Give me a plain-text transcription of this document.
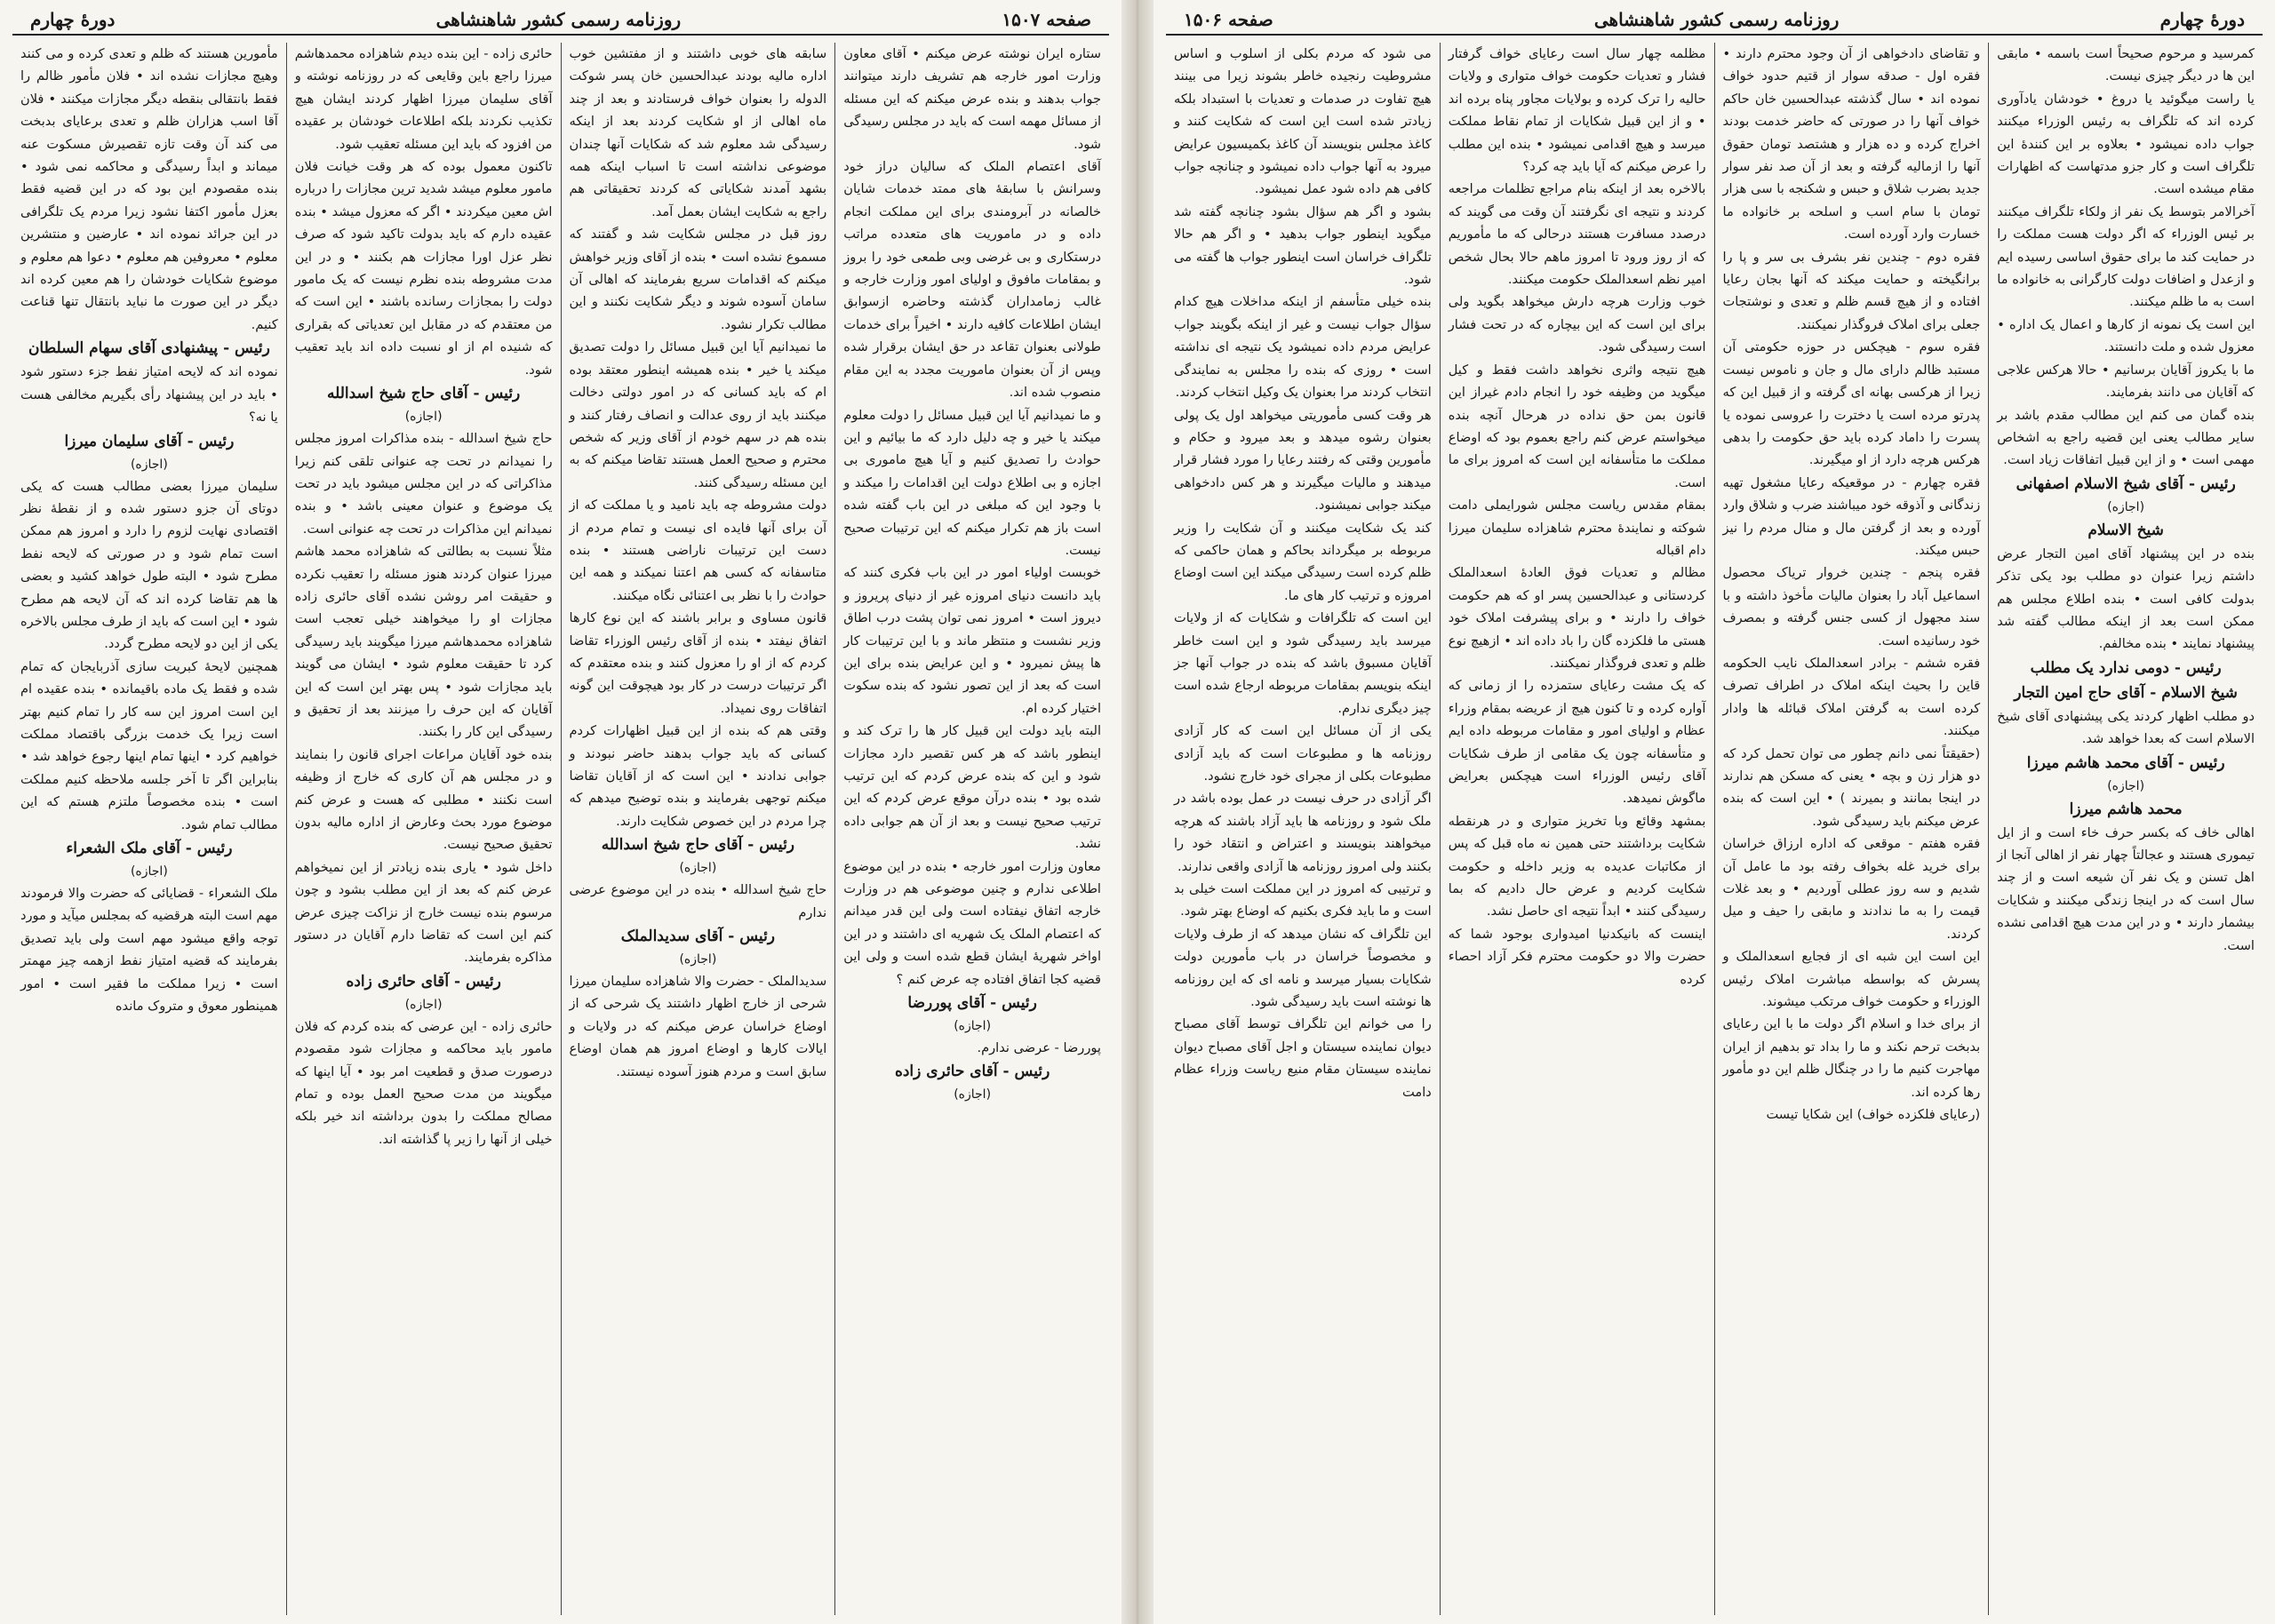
صفحه ۱۵۰۷
روزنامه رسمی کشور شاهنشاهی
دورهٔ چهارم

ستاره ایران نوشته عرض میکنم • آقای معاون وزارت امور خارجه هم تشریف دارند میتوانند جواب بدهند و بنده عرض میکنم که این مسئله از مسائل مهمه است که باید در مجلس رسیدگی شود.

آقای اعتصام الملک که سالیان دراز خود وسرانش با سابقهٔ های ممتد خدمات شایان خالصانه در آبرومندی برای این مملکت انجام داده و در ماموریت های متعدده مراتب درستکاری و بی غرضی وبی طمعی خود را بروز و بمقامات مافوق و اولیای امور وزارت خارجه و غالب زمامداران گذشته وحاضره ازسوابق ایشان اطلاعات کافیه دارند • اخیراً برای خدمات طولانی بعنوان تقاعد در حق ایشان برقرار شده وپس از آن بعنوان ماموریت مجدد به این مقام منصوب شده اند.

و ما نمیدانیم آیا این قبیل مسائل را دولت معلوم میکند یا خیر و چه دلیل دارد که ما بیائیم و این حوادث را تصدیق کنیم و آیا هیچ ماموری بی اجازه و بی اطلاع دولت این اقدامات را میکند و با وجود این که مبلغی در این باب گفته شده است باز هم تکرار میکنم که این ترتیبات صحیح نیست.

خوبست اولیاء امور در این باب فکری کنند که باید دانست دنیای امروزه غیر از دنیای پریروز و دیروز است • امروز نمی توان پشت درب اطاق وزیر نشست و منتظر ماند و با این ترتیبات کار ها پیش نمیرود • و این عرایض بنده برای این است که بعد از این تصور نشود که بنده سکوت اختیار کرده ام.

البته باید دولت این قبیل کار ها را ترک کند و اینطور باشد که هر کس تقصیر دارد مجازات شود و این که بنده عرض کردم که این ترتیب شده بود • بنده درآن موقع عرض کردم که این ترتیب صحیح نیست و بعد از آن هم جوابی داده نشد.

معاون وزارت امور خارجه • بنده در این موضوع اطلاعی ندارم و چنین موضوعی هم در وزارت خارجه اتفاق نیفتاده است ولی این قدر میدانم که اعتصام الملک یک شهریه ای داشتند و در این اواخر شهریهٔ ایشان قطع شده است و ولی این قضیه کجا اتفاق افتاده چه عرض کنم ؟

رئیس - آقای پوررضا

(اجازه)

پوررضا - عرضی ندارم.

رئیس - آقای حائری زاده

(اجازه)

سابقه های خوبی داشتند و از مفتشین خوب اداره مالیه بودند عبدالحسین خان پسر شوکت الدوله را بعنوان خواف فرستادند و بعد از چند ماه اهالی از او شکایت کردند بعد از اینکه رسیدگی شد معلوم شد که شکایات آنها چندان موضوعی نداشته است تا اسباب اینکه همه بشهد آمدند شکایاتی که کردند تحقیقاتی هم راجع به شکایت ایشان بعمل آمد.

روز قبل در مجلس شکایت شد و گفتند که مسموع نشده است • بنده از آقای وزیر خواهش میکنم که اقدامات سریع بفرمایند که اهالی آن سامان آسوده شوند و دیگر شکایت نکنند و این مطالب تکرار نشود.

ما نمیدانیم آیا این قبیل مسائل را دولت تصدیق میکند یا خیر • بنده همیشه اینطور معتقد بوده ام که باید کسانی که در امور دولتی دخالت میکنند باید از روی عدالت و انصاف رفتار کنند و بنده هم در سهم خودم از آقای وزیر که شخص محترم و صحیح العمل هستند تقاضا میکنم که به این مسئله رسیدگی کنند.

دولت مشروطه چه باید نامید و یا مملکت که از آن برای آنها فایده ای نیست و تمام مردم از دست این ترتیبات ناراضی هستند • بنده متاسفانه که کسی هم اعتنا نمیکند و همه این حوادث را با نظر بی اعتنائی نگاه میکنند.

قانون مساوی و برابر باشند که این نوع کارها اتفاق نیفتد • بنده از آقای رئیس الوزراء تقاضا کردم که از او را معزول کنند و بنده معتقدم که اگر ترتیبات درست در کار بود هیچوقت این گونه اتفاقات روی نمیداد.

وقتی هم که بنده از این قبیل اظهارات کردم کسانی که باید جواب بدهند حاضر نبودند و جوابی ندادند • این است که از آقایان تقاضا میکنم توجهی بفرمایند و بنده توضیح میدهم که چرا مردم در این خصوص شکایت دارند.

رئیس - آقای حاج شیخ اسدالله

(اجازه)

حاج شیخ اسدالله • بنده در این موضوع عرضی ندارم

رئیس - آقای سدیدالملک

(اجازه)

سدیدالملک - حضرت والا شاهزاده سلیمان میرزا شرحی از خارج اظهار داشتند یک شرحی که از اوضاع خراسان عرض میکنم که در ولایات و ایالات کارها و اوضاع امروز هم همان اوضاع سابق است و مردم هنوز آسوده نیستند.

حائری زاده - این بنده دیدم شاهزاده محمدهاشم میرزا راجع باین وقایعی که در روزنامه نوشته و آقای سلیمان میرزا اظهار کردند ایشان هیچ تکذیب نکردند بلکه اطلاعات خودشان بر عقیده من افزود که باید این مسئله تعقیب شود.

تاکنون معمول بوده که هر وقت خیانت فلان مامور معلوم میشد شدید ترین مجازات را درباره اش معین میکردند • اگر که معزول میشد • بنده عقیده دارم که باید بدولت تاکید شود که صرف نظر عزل اورا مجازات هم بکنند • و در این مدت مشروطه بنده نظرم نیست که یک مامور دولت را بمجازات رسانده باشند • این است که من معتقدم که در مقابل این تعدیاتی که بقراری که شنیده ام از او نسبت داده اند باید تعقیب شود.

رئیس - آقای حاج شیخ اسدالله

(اجازه)

حاج شیخ اسدالله - بنده مذاکرات امروز مجلس را نمیدانم در تحت چه عنوانی تلقی کنم زیرا مذاکراتی که در این مجلس میشود باید در تحت یک موضوع و عنوان معینی باشد • و بنده نمیدانم این مذاکرات در تحت چه عنوانی است.

مثلاً نسبت به بطالتی که شاهزاده محمد هاشم میرزا عنوان کردند هنوز مسئله را تعقیب نکرده و حقیقت امر روشن نشده آقای حائری زاده مجازات او را میخواهند خیلی تعجب است شاهزاده محمدهاشم میرزا میگویند باید رسیدگی کرد تا حقیقت معلوم شود • ایشان می گویند باید مجازات شود • پس بهتر این است که این آقایان که این حرف را میزنند بعد از تحقیق و رسیدگی این کار را بکنند.

بنده خود آقایان مراعات اجرای قانون را بنمایند و در مجلس هم آن کاری که خارج از وظیفه است نکنند • مطلبی که هست و عرض کنم موضوع مورد بحث وعارض از اداره مالیه بدون تحقیق صحیح نیست.

داخل شود • یاری بنده زیادتر از این نمیخواهم عرض کنم که بعد از این مطلب بشود و چون مرسوم بنده نیست خارج از نزاکت چیزی عرض کنم این است که تقاضا دارم آقایان در دستور مذاکره بفرمایند.

رئیس - آقای حائری زاده

(اجازه)

حائری زاده - این عرضی که بنده کردم که فلان مامور باید محاکمه و مجازات شود مقصودم درصورت صدق و قطعیت امر بود • آیا اینها که میگویند من مدت صحیح العمل بوده و تمام مصالح مملکت را بدون برداشته اند خیر بلکه خیلی از آنها را زیر پا گذاشته اند.

مأمورین هستند که ظلم و تعدی کرده و می کنند وهیچ مجازات نشده اند • فلان مأمور ظالم را فقط بانتقالی بنقطه دیگر مجازات میکنند • فلان آقا اسب هزاران ظلم و تعدی برعایای بدبخت می کند آن وقت تازه تقصیرش مسکوت عنه میماند و ابداً رسیدگی و محاکمه نمی شود • بنده مقصودم این بود که در این قضیه فقط بعزل مأمور اکتفا نشود زیرا مردم یک تلگرافی در این جرائد نموده اند • عارضین و منتشرین معلوم • معروفین هم معلوم • دعوا هم معلوم و موضوع شکایات خودشان را هم معین کرده اند دیگر در این صورت ما نباید بانتقال تنها قناعت کنیم.

رئیس - پیشنهادی آقای سهام السلطان

نموده اند که لایحه امتیاز نفط جزء دستور شود • باید در این پیشنهاد رأی بگیریم مخالفی هست یا نه؟

رئیس - آقای سلیمان میرزا

(اجازه)

سلیمان میرزا بعضی مطالب هست که یکی دوتای آن جزو دستور شده و از نقطهٔ نظر اقتصادی نهایت لزوم را دارد و امروز هم ممکن است تمام شود و در صورتی که لایحه نفط مطرح شود • البته طول خواهد کشید و بعضی ها هم تقاضا کرده اند که آن لایحه هم مطرح شود • این است که باید از طرف مجلس بالاخره یکی از این دو لایحه مطرح گردد.

همچنین لایحهٔ کبریت سازی آذربایجان که تمام شده و فقط یک ماده باقیمانده • بنده عقیده ام این است امروز این سه کار را تمام کنیم بهتر است زیرا یک خدمت بزرگی باقتصاد مملکت خواهیم کرد • اینها تمام اینها رجوع خواهد شد • بنابراین اگر تا آخر جلسه ملاحظه کنیم مملکت است • بنده مخصوصاً ملتزم هستم که این مطالب تمام شود.

رئیس - آقای ملک الشعراء

(اجازه)

ملک الشعراء - قضایائی که حضرت والا فرمودند مهم است البته هرقضیه که بمجلس میآید و مورد توجه واقع میشود مهم است ولی باید تصدیق بفرمایند که قضیه امتیاز نفط ازهمه چیز مهمتر است • زیرا مملکت ما فقیر است • امور همینطور معوق و متروک مانده

دورهٔ چهارم
روزنامه رسمی کشور شاهنشاهی
صفحه ۱۵۰۶

کمرسید و مرحوم صحیحاً است باسمه • مابقی این ها در دیگر چیزی نیست.

یا راست میگوئید یا دروغ • خودشان یادآوری کرده اند که تلگراف به رئیس الوزراء میکنند جواب داده نمیشود • بعلاوه بر این کنندهٔ این تلگراف است و کار جزو مدتهاست که اظهارات مقام میشده است.

آخرالامر بتوسط یک نفر از ولکاء تلگراف میکنند بر ئیس الوزراء که اگر دولت هست مملکت را در حمایت کند ما برای حقوق اساسی رسیده ایم و ازعدل و اضافات دولت کارگرانی به خانواده ما است به ما ظلم میکنند.

این است یک نمونه از کارها و اعمال یک اداره • معزول شده و ملت دانستند.

ما با یکروز آقایان برسانیم • حالا هرکس علاجی که آقایان می دانند بفرمایند.

بنده گمان می کنم این مطالب مقدم باشد بر سایر مطالب یعنی این قضیه راجع به اشخاص مهمی است • و از این قبیل اتفاقات زیاد است.

رئیس - آقای شیخ الاسلام اصفهانی

(اجازه)

شیخ الاسلام

بنده در این پیشنهاد آقای امین التجار عرض داشتم زیرا عنوان دو مطلب بود یکی تذکر بدولت کافی است • بنده اطلاع مجلس هم ممکن است بعد از اینکه مطالب گفته شد پیشنهاد نمایند • بنده مخالفم.

رئیس - دومی ندارد یک مطلب

شیخ الاسلام - آقای حاج امین التجار

دو مطلب اظهار کردند یکی پیشنهادی آقای شیخ الاسلام است که بعدا خواهد شد.

رئیس - آقای محمد هاشم میرزا

(اجازه)

محمد هاشم میرزا

اهالی خاف که بکسر حرف خاء است و از ایل تیموری هستند و عجالتاً چهار نفر از اهالی آنجا از اهل تسنن و یک نفر آن شیعه است و از چند سال است که در اینجا زندگی میکنند و شکایات بیشمار دارند • و در این مدت هیچ اقدامی نشده است.

و تقاضای دادخواهی از آن وجود محترم دارند • فقره اول - صدقه سوار از قتیم حدود خواف نموده اند • سال گذشته عبدالحسین خان حاکم خواف آنها را در صورتی که حاضر خدمت بودند اخراج کرده و ده هزار و هشتصد تومان حقوق آنها را ازمالیه گرفته و بعد از آن صد نفر سوار جدید بضرب شلاق و حبس و شکنجه با سی هزار تومان با سام اسب و اسلحه بر خانواده ما خسارت وارد آورده است.

فقره دوم - چندین نفر بشرف بی سر و پا را برانگیخته و حمایت میکند که آنها بجان رعایا افتاده و از هیچ قسم ظلم و تعدی و نوشتجات جعلی برای املاک فروگذار نمیکنند.

فقره سوم - هیچکس در حوزه حکومتی آن مستبد ظالم دارای مال و جان و ناموس نیست زیرا از هرکسی بهانه ای گرفته و از قبیل این که پدرتو مرده است یا دخترت را عروسی نموده یا پسرت را داماد کرده باید حق حکومت را بدهی هرکس هرچه دارد از او میگیرند.

فقره چهارم - در موقعیکه رعایا مشغول تهیه زندگانی و آذوقه خود میباشند ضرب و شلاق وارد آورده و بعد از گرفتن مال و منال مردم را نیز حبس میکند.

فقره پنجم - چندین خروار تریاک محصول اسماعیل آباد را بعنوان مالیات مأخوذ داشته و با سند مجهول از کسی جنس گرفته و بمصرف خود رسانیده است.

فقره ششم - برادر اسعدالملک نایب الحکومه قاین را بحیث اینکه املاک در اطراف تصرف کرده است به گرفتن املاک قبائله ها وادار میکنند.

(حقیقتاً نمی دانم چطور می توان تحمل کرد که دو هزار زن و بچه • یعنی که مسکن هم ندارند در اینجا بمانند و بمیرند ) • این است که بنده عرض میکنم باید رسیدگی شود.

فقره هفتم - موقعی که اداره ارزاق خراسان برای خرید غله بخواف رفته بود ما عامل آن شدیم و سه روز عطلی آوردیم • و بعد غلات قیمت را به ما ندادند و مابقی را حیف و میل کردند.

این است این شبه ای از فجایع اسعدالملک و پسرش که بواسطه مباشرت املاک رئیس الوزراء و حکومت خواف مرتکب میشوند.

از برای خدا و اسلام اگر دولت ما با این رعایای بدبخت ترحم نکند و ما را بداد تو بدهیم از ایران مهاجرت کنیم ما را در چنگال ظلم این دو مأمور رها کرده اند.

(رعایای فلکزده خواف) این شکایا تیست

مظلمه چهار سال است رعایای خواف گرفتار فشار و تعدیات حکومت خواف متواری و ولایات حالیه را ترک کرده و بولایات مجاور پناه برده اند • و از این قبیل شکایات از تمام نقاط مملکت میرسد و هیچ اقدامی نمیشود • بنده این مطلب را عرض میکنم که آیا باید چه کرد؟

بالاخره بعد از اینکه بنام مراجع تظلمات مراجعه کردند و نتیجه ای نگرفتند آن وقت می گویند که درصدد مسافرت هستند درحالی که ما مأموریم که از روز ورود تا امروز ماهم حالا بحال شخص امیر نظم اسعدالملک حکومت میکنند.

خوب وزارت هرچه دارش میخواهد بگوید ولی برای این است که این بیچاره که در تحت فشار است رسیدگی شود.

هیچ نتیجه واثری نخواهد داشت فقط و کیل میگوید من وظیفه خود را انجام دادم غیراز این قانون بمن حق نداده در هرحال آنچه بنده میخواستم عرض کنم راجع بعموم بود که اوضاع مملکت ما متأسفانه این است که امروز برای ما است.

بمقام مقدس ریاست مجلس شورایملی دامت شوکته و نمایندهٔ محترم شاهزاده سلیمان میرزا دام اقباله

مظالم و تعدیات فوق العادهٔ اسعدالملک کردستانی و عبدالحسین پسر او که هم حکومت خواف را دارند • و برای پیشرفت املاک خود هستی ما فلکزده گان را باد داده اند • ازهیچ نوع ظلم و تعدی فروگذار نمیکنند.

که یک مشت رعایای ستمزده را از زمانی که آواره کرده و تا کنون هیچ از عریضه بمقام وزراء عظام و اولیای امور و مقامات مربوطه داده ایم و متأسفانه چون یک مقامی از طرف شکایات آقای رئیس الوزراء است هیچکس بعرایض ماگوش نمیدهد.

بمشهد وقائع وبا تخریز متواری و در هرنقطه شکایت برداشتند حتی همین نه ماه قبل که پس از مکاتبات عدیده به وزیر داخله و حکومت شکایت کردیم و عرض حال دادیم که بما رسیدگی کنند • ابداً نتیجه ای حاصل نشد.

اینست که بانیکدنیا امیدواری بوجود شما که حضرت والا دو حکومت محترم فکر آزاد احصاء کرده

می شود که مردم بکلی از اسلوب و اساس مشروطیت رنجیده خاطر بشوند زیرا می بینند هیچ تفاوت در صدمات و تعدیات با استبداد بلکه زیادتر شده است این است که شکایت کنند و کاغذ مجلس بنویسند آن کاغذ بکمیسیون عرایض میرود به آنها جواب داده نمیشود و چنانچه جواب کافی هم داده شود عمل نمیشود.

بشود و اگر هم سؤال بشود چنانچه گفته شد میگوید اینطور جواب بدهید • و اگر هم حالا تلگراف خراسان است اینطور جواب ها گفته می شود.

بنده خیلی متأسفم از اینکه مداخلات هیچ کدام سؤال جواب نیست و غیر از اینکه بگویند جواب عرایض مردم داده نمیشود یک نتیجه ای نداشته است • روزی که بنده را مجلس به نمایندگی انتخاب کردند مرا بعنوان یک وکیل انتخاب کردند.

هر وقت کسی مأموریتی میخواهد اول یک پولی بعنوان رشوه میدهد و بعد میرود و حکام و مأمورین وقتی که رفتند رعایا را مورد فشار قرار میدهند و مالیات میگیرند و هر کس دادخواهی میکند جوابی نمیشنود.

کند یک شکایت میکنند و آن شکایت را وزیر مربوطه بر میگرداند بحاکم و همان حاکمی که ظلم کرده است رسیدگی میکند این است اوضاع امروزه و ترتیب کار های ما.

این است که تلگرافات و شکایات که از ولایات میرسد باید رسیدگی شود و این است خاطر آقایان مسبوق باشد که بنده در جواب آنها جز اینکه بنویسم بمقامات مربوطه ارجاع شده است چیز دیگری ندارم.

یکی از آن مسائل این است که کار آزادی روزنامه ها و مطبوعات است که باید آزادی مطبوعات بکلی از مجرای خود خارج نشود.

اگر آزادی در حرف نیست در عمل بوده باشد در ملک شود و روزنامه ها باید آزاد باشند که هرچه میخواهند بنویسند و اعتراض و انتقاد خود را بکنند ولی امروز روزنامه ها آزادی واقعی ندارند.

و ترتیبی که امروز در این مملکت است خیلی بد است و ما باید فکری بکنیم که اوضاع بهتر شود.

این تلگراف که نشان میدهد که از طرف ولایات و مخصوصاً خراسان در باب مأمورین دولت شکایات بسیار میرسد و نامه ای که این روزنامه ها نوشته است باید رسیدگی شود.

را می خوانم این تلگراف توسط آقای مصباح دیوان نماینده سیستان و اجل آقای مصباح دیوان نماینده سیستان مقام منیع ریاست وزراء عظام دامت
